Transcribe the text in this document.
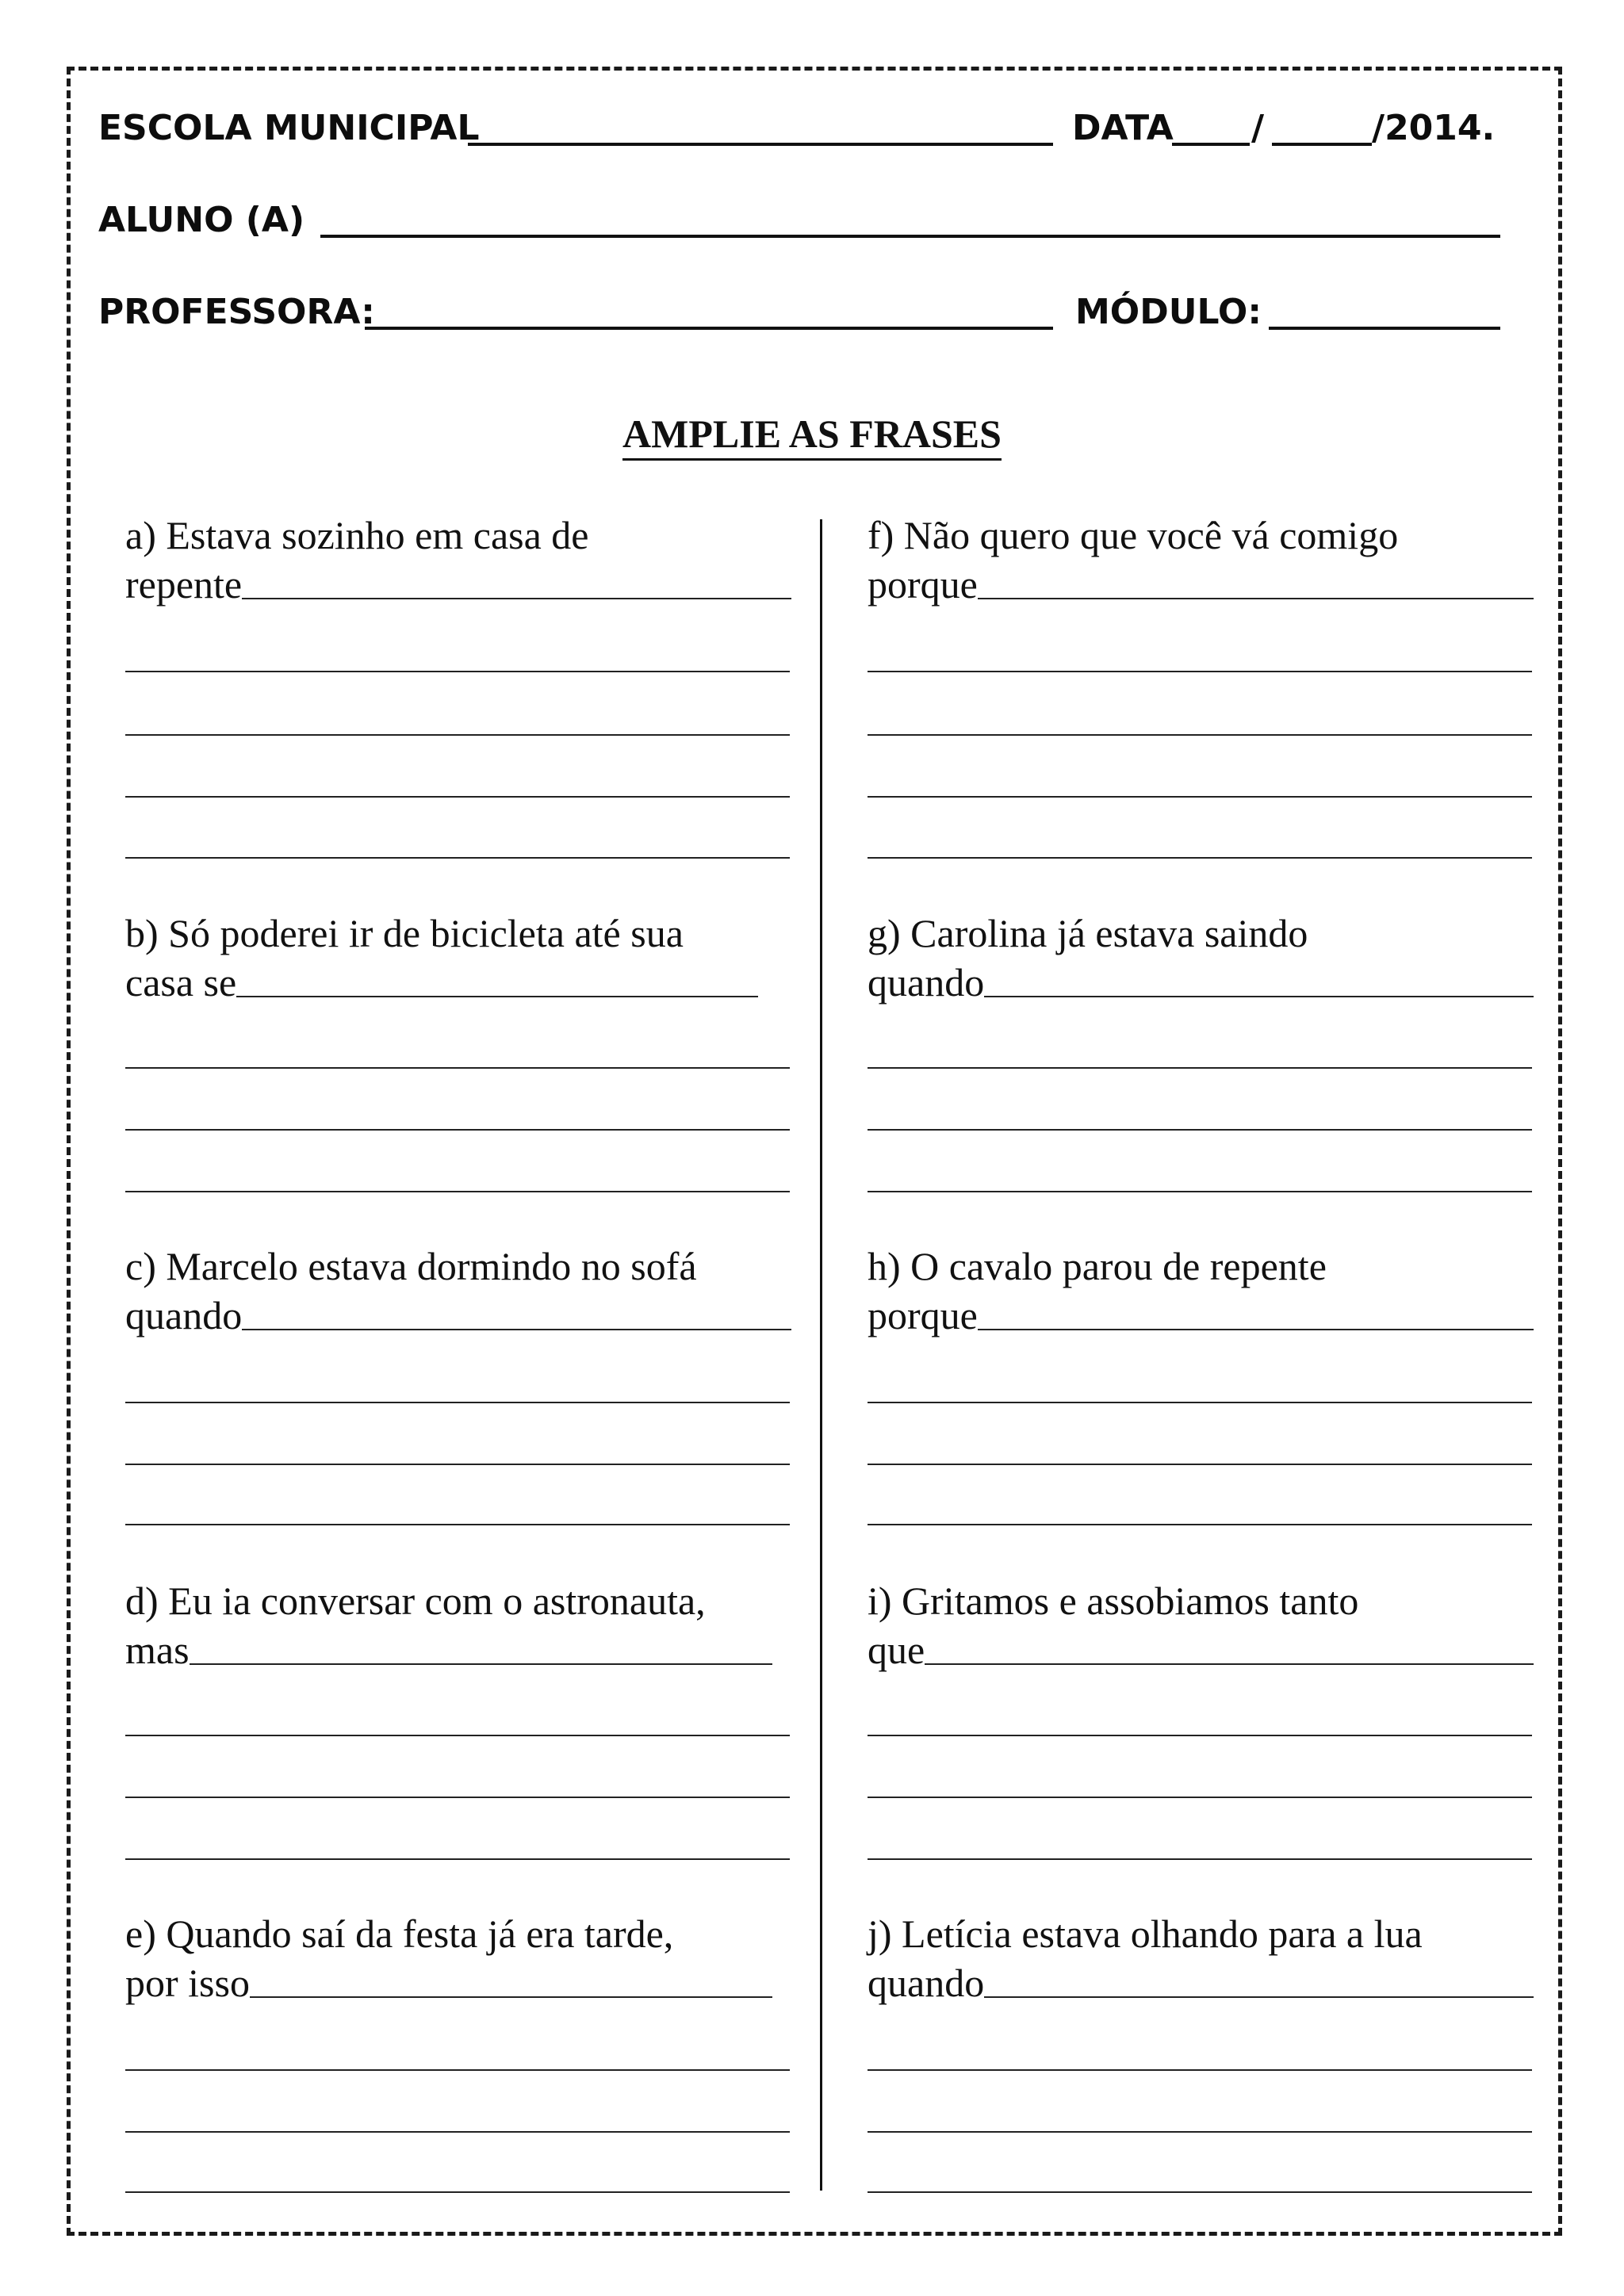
ESCOLA MUNICIPAL	DATA /	/2014.
ALUNO (A)
PROFESSORA:	MÓDULO:
AMPLIE AS FRASES
a) Estava sozinho em casa de
repente
b) Só poderei ir de bicicleta até sua
casa se
c) Marcelo estava dormindo no sofá
quando
d) Eu ia conversar com o astronauta,
mas
e) Quando saí da festa já era tarde,
por isso
f) Não quero que você vá comigo
porque
g) Carolina já estava saindo
quando
h) O cavalo parou de repente
porque
i) Gritamos e assobiamos tanto
que
j) Letícia estava olhando para a lua
quando
